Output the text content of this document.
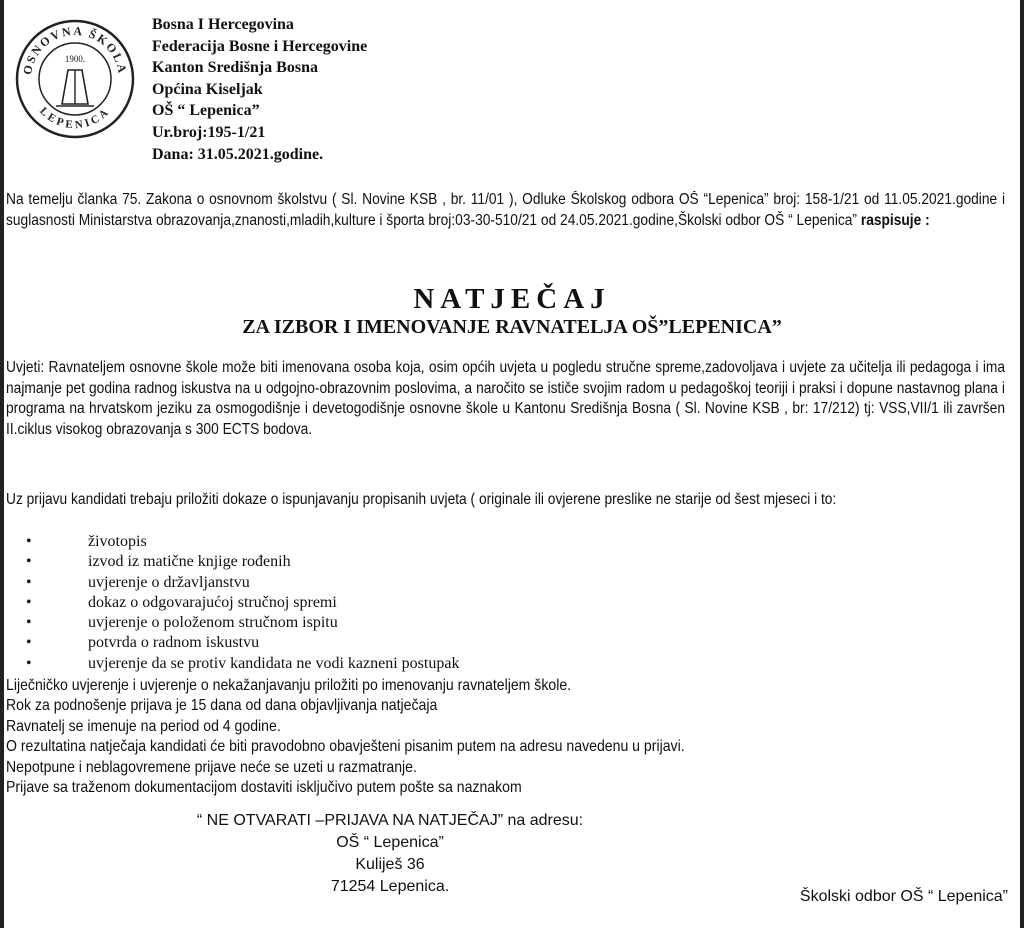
OSNOVNA ŠKOLA
LEPENICA
1900.
Bosna I Hercegovina
Federacija Bosne i Hercegovine
Kanton Središnja Bosna
Općina Kiseljak
OŠ “ Lepenica”
Ur.broj:195-1/21
Dana: 31.05.2021.godine.
Na temelju članka 75. Zakona o osnovnom školstvu ( Sl. Novine KSB , br. 11/01 ), Odluke Školskog odbora OŠ “Lepenica” broj: 158-1/21 od 11.05.2021.godine i suglasnosti Ministarstva obrazovanja,znanosti,mladih,kulture i športa broj:03-30-510/21 od 24.05.2021.godine,Školski odbor OŠ “ Lepenica” raspisuje :
NATJEČAJ
ZA IZBOR I IMENOVANJE RAVNATELJA OŠ”LEPENICA”
Uvjeti: Ravnateljem osnovne škole može biti imenovana osoba koja, osim općih uvjeta u pogledu stručne spreme,zadovoljava i uvjete za učitelja ili pedagoga i ima najmanje pet godina radnog iskustva na u odgojno-obrazovnim poslovima, a naročito se ističe svojim radom u pedagoškoj teoriji i praksi i dopune nastavnog plana i programa na hrvatskom jeziku za osmogodišnje i devetogodišnje osnovne škole u Kantonu Središnja Bosna ( Sl. Novine KSB , br: 17/212) tj: VSS,VII/1 ili završen II.ciklus visokog obrazovanja s 300 ECTS bodova.
Uz prijavu kandidati trebaju priložiti dokaze o ispunjavanju propisanih uvjeta ( originale ili ovjerene preslike ne starije od šest mjeseci i to:
•	životopis
•	izvod iz matične knjige rođenih
•	uvjerenje o državljanstvu
•	dokaz o odgovarajućoj stručnoj spremi
•	uvjerenje o položenom stručnom ispitu
•	potvrda o radnom iskustvu
•	uvjerenje da se protiv kandidata ne vodi kazneni postupak
Liječničko uvjerenje i uvjerenje o nekažanjavanju priložiti po imenovanju ravnateljem škole.
Rok za podnošenje prijava je 15 dana od dana objavljivanja natječaja
Ravnatelj se imenuje na period od 4 godine.
O rezultatina natječaja kandidati će biti pravodobno obavješteni pisanim putem na adresu navedenu u prijavi.
Nepotpune i neblagovremene prijave neće se uzeti u razmatranje.
Prijave sa traženom dokumentacijom dostaviti isključivo putem pošte sa naznakom
“ NE OTVARATI –PRIJAVA NA NATJEČAJ” na adresu:
OŠ “ Lepenica”
Kuliješ 36
71254 Lepenica.
Školski odbor OŠ “ Lepenica”
